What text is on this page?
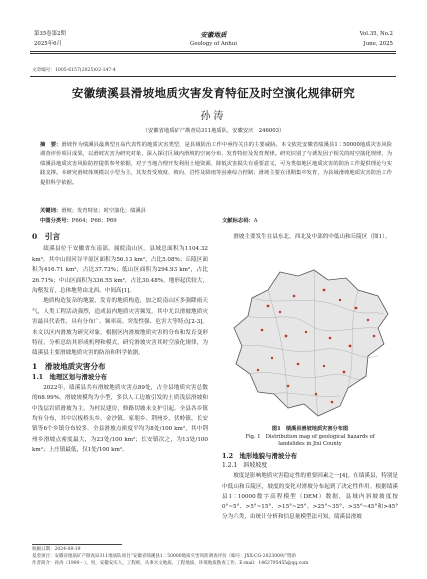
第35卷第2期
2025年6月
安徽地质
Geology of Anhui
Vol.35, No.2
June, 2025
文章编号：1005-6157(2025)02-147-4
安徽绩溪县滑坡地质灾害发育特征及时空演化规律研究
孙涛
（安徽省地质矿产勘查局311地质队，安徽安庆　246003）
摘　要：滑坡作为绩溪县最典型且高代表性的地质灾害类型，是县域防治工作中亟待关注的主要威胁。本文依托安徽省绩溪县1∶50000地质灾害风险调查评价项目成果，以滑坡灾害为研究对象，深入探讨区域内滑坡的空间分布、发育特征及发育规律。研究识别了与诱发因子相关的时空演化规律，为绩溪县地质灾害风险防控提供参考依据，对于当地合理开发利用土地资源、降低灾害损失有重要意义，可为类似地区地质灾害的防治工作提供理论与实践支撑。本研究滑坡体规模以小型为主，其发育受坡度、坡向、岩性及降雨等因素综合控制；滑坡主要在汛期集中发育，为县域滑坡地质灾害防治工作提供科学依据。
关键词：滑坡；发育特征；时空演化；绩溪县
中图分类号：P664；P66；P69	文献标志码：A
0　引言
绩溪县位于安徽省东南部，属皖南山区。县域总面积为1104.32 km²，其中山间河谷平原区面积为56.13 km²，占比5.08%；丘陵区面积为416.71 km²，占比37.73%；低山区面积为294.93 km²，占比26.71%；中山区面积为336.55 km²，占比30.48%。地形起伏较大，沟壑发育，总体地势由北西、中间高[1]。
地质构造复杂的地貌，发育的地质构造，加之皖南山区多强降雨天气，人类工程活动强烈，造成县内地质灾害频发。其中尤以滑坡地质灾害最具代表性，具有分布广、频率高、突发性强、危害大等特点[2-3]。本文以区内滑坡为研究对象，根据区内滑坡地质灾害的分布和发育变形特征，分析总结其形成机理和模式，研究滑坡灾害其时空演化规律，为绩溪县主要滑坡地质灾害的防治和科学依据。
1　滑坡地质灾害分布
1.1　地理区划与滑坡分布
2022年，绩溪县共有滑坡地质灾害点89处，占全县地质灾害总数的68.99%。滑坡规模均为小型，多以人工边坡引发的土质浅层滑坡和中浅层岩质滑坡为主，为村民建房、修路切坡未支护引起。全县各乡镇均有分布，其中以板桥头乡、金沙镇、家朋乡、荆州乡、伏岭镇、长安镇等6个乡镇分布较多。全县滑坡点密度平均为8处/100 km²，其中荆州乡滑坡点密度最大，为23处/100 km²；长安镇次之，为13处/100 km²；上庄镇最低，仅1处/100 km²。
滑坡主要发生在县东北、西北及中部的中低山和丘陵区（图1）。
图1　绩溪县滑坡地质灾害分布图
Fig. 1　Distribution map of geological hazards of
landslides in Jixi County
1.2　地形地貌与滑坡分布
1.2.1　斜坡坡度
坡度是影响地质灾害稳定性的重要因素之一[4]。在绩溪县，特别是中低山和丘陵区，坡度的变化对滑坡分布起到了决定性作用。根据绩溪县1∶10000数字高程模型（DEM）数据，县域内斜坡坡度按0°~5°、>5°~15°、>15°~25°、>25°~35°、>35°~45°和>45°分为六类，由统计分析和信息量模型法可知，绩溪县滑坡
收稿日期：2024-08-19
基金项目：安徽省地质矿产勘查局311地质队项目“安徽省绩溪县1∶50000地质灾害风险调查评价（编号：JXX-CG-2023009)”资助
作者简介：孙涛（1990－），男，安徽安庆人，工程师，从事水文地质、工程地质、环境地质勘查工作。E-mail：1462795455@qq.com
